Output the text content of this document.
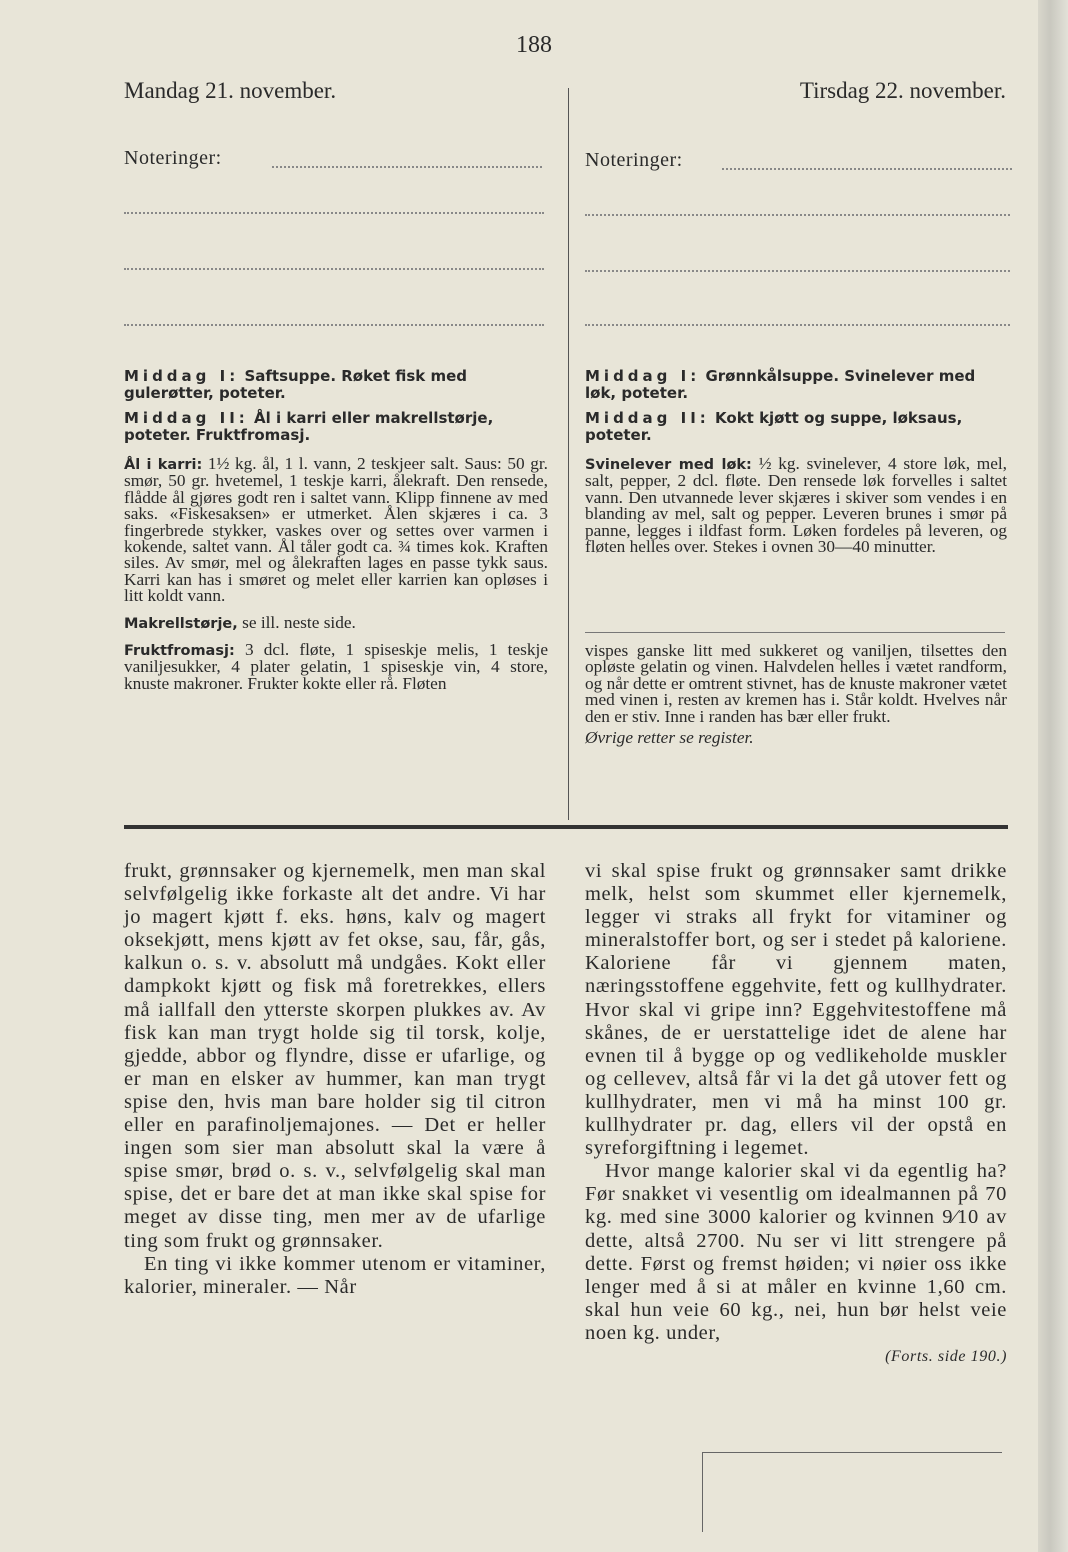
188
Mandag 21. november.	Tirsdag 22. november.
Noteringer:	Noteringer:
Middag I: Saftsuppe. Røket fisk med gulerøtter, poteter.
Middag II: Ål i karri eller makrellstørje, poteter. Fruktfromasj.

Ål i karri: 1½ kg. ål, 1 l. vann, 2 teskjeer salt. Saus: 50 gr. smør, 50 gr. hvetemel, 1 teskje karri, ålekraft. Den rensede, flådde ål gjøres godt ren i saltet vann. Klipp finnene av med saks. «Fiskesaksen» er utmerket. Ålen skjæres i ca. 3 fingerbrede stykker, vaskes over og settes over varmen i kokende, saltet vann. Ål tåler godt ca. ¾ times kok. Kraften siles. Av smør, mel og ålekraften lages en passe tykk saus. Karri kan has i smøret og melet eller karrien kan opløses i litt koldt vann.

Makrellstørje, se ill. neste side.

Fruktfromasj: 3 dcl. fløte, 1 spiseskje melis, 1 teskje vaniljesukker, 4 plater gelatin, 1 spiseskje vin, 4 store, knuste makroner. Frukter kokte eller rå. Fløten

Middag I: Grønnkålsuppe. Svinelever med løk, poteter.
Middag II: Kokt kjøtt og suppe, løksaus, poteter.

Svinelever med løk: ½ kg. svinelever, 4 store løk, mel, salt, pepper, 2 dcl. fløte. Den rensede løk forvelles i saltet vann. Den utvannede lever skjæres i skiver som vendes i en blanding av mel, salt og pepper. Leveren brunes i smør på panne, legges i ildfast form. Løken fordeles på leveren, og fløten helles over. Stekes i ovnen 30—40 minutter.

vispes ganske litt med sukkeret og vaniljen, tilsettes den opløste gelatin og vinen. Halvdelen helles i vætet randform, og når dette er omtrent stivnet, has de knuste makroner vætet med vinen i, resten av kremen has i. Står koldt. Hvelves når den er stiv. Inne i randen has bær eller frukt.

Øvrige retter se register.

frukt, grønnsaker og kjernemelk, men man skal selvfølgelig ikke forkaste alt det andre. Vi har jo magert kjøtt f. eks. høns, kalv og magert oksekjøtt, mens kjøtt av fet okse, sau, får, gås, kalkun o. s. v. absolutt må undgåes. Kokt eller dampkokt kjøtt og fisk må foretrekkes, ellers må iallfall den ytterste skorpen plukkes av. Av fisk kan man trygt holde sig til torsk, kolje, gjedde, abbor og flyndre, disse er ufarlige, og er man en elsker av hummer, kan man trygt spise den, hvis man bare holder sig til citron eller en parafinoljemajones. — Det er heller ingen som sier man absolutt skal la være å spise smør, brød o. s. v., selvfølgelig skal man spise, det er bare det at man ikke skal spise for meget av disse ting, men mer av de ufarlige ting som frukt og grønnsaker.

En ting vi ikke kommer utenom er vitaminer, kalorier, mineraler. — Når

vi skal spise frukt og grønnsaker samt drikke melk, helst som skummet eller kjernemelk, legger vi straks all frykt for vitaminer og mineralstoffer bort, og ser i stedet på kaloriene. Kaloriene får vi gjennem maten, næringsstoffene eggehvite, fett og kullhydrater. Hvor skal vi gripe inn? Eggehvitestoffene må skånes, de er uerstattelige idet de alene har evnen til å bygge op og vedlikeholde muskler og cellevev, altså får vi la det gå utover fett og kullhydrater, men vi må ha minst 100 gr. kullhydrater pr. dag, ellers vil der opstå en syreforgiftning i legemet.

Hvor mange kalorier skal vi da egentlig ha? Før snakket vi vesentlig om idealmannen på 70 kg. med sine 3000 kalorier og kvinnen 9⁄10 av dette, altså 2700. Nu ser vi litt strengere på dette. Først og fremst høiden; vi nøier oss ikke lenger med å si at måler en kvinne 1,60 cm. skal hun veie 60 kg., nei, hun bør helst veie noen kg. under,

(Forts. side 190.)
